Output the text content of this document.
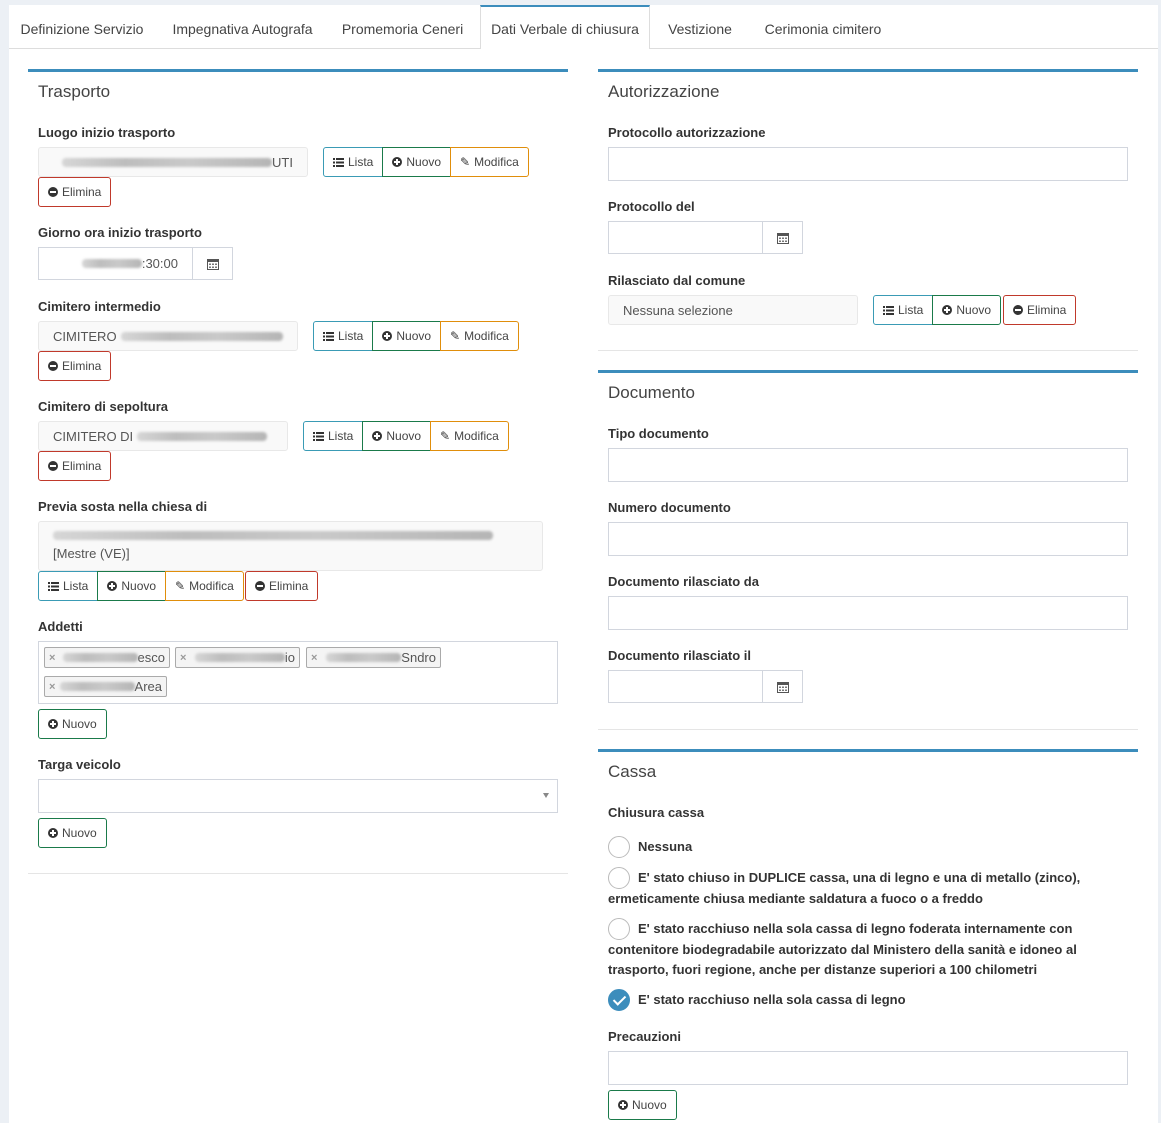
Definizione Servizio	Impegnativa Autografa	Promemoria Ceneri	Dati Verbale di chiusura	Vestizione	Cerimonia cimitero
Trasporto
Luogo inizio trasporto
UTI	Lista	Nuovo ✎ Modifica
Elimina
Giorno ora inizio trasporto
:30:00
Cimitero intermedio
CIMITERO	Lista	Nuovo ✎ Modifica
Elimina
Cimitero di sepoltura
CIMITERO DI	Lista	Nuovo ✎ Modifica
Elimina
Previa sosta nella chiesa di
[Mestre (VE)]
Lista	Nuovo ✎ Modifica	Elimina
Addetti
×	esco ×	io ×	Sndro
×	Area
Nuovo
Targa veicolo
Nuovo
Autorizzazione
Protocollo autorizzazione
Protocollo del
Rilasciato dal comune
Nessuna selezione	Lista	Nuovo	Elimina
Documento
Tipo documento
Numero documento
Documento rilasciato da
Documento rilasciato il
Cassa
Chiusura cassa
Nessuna
E' stato chiuso in DUPLICE cassa, una di legno e una di metallo (zinco), ermeticamente chiusa mediante saldatura a fuoco o a freddo
E' stato racchiuso nella sola cassa di legno foderata internamente con contenitore biodegradabile autorizzato dal Ministero della sanità e idoneo al trasporto, fuori regione, anche per distanze superiori a 100 chilometri
E' stato racchiuso nella sola cassa di legno
Precauzioni
Nuovo
